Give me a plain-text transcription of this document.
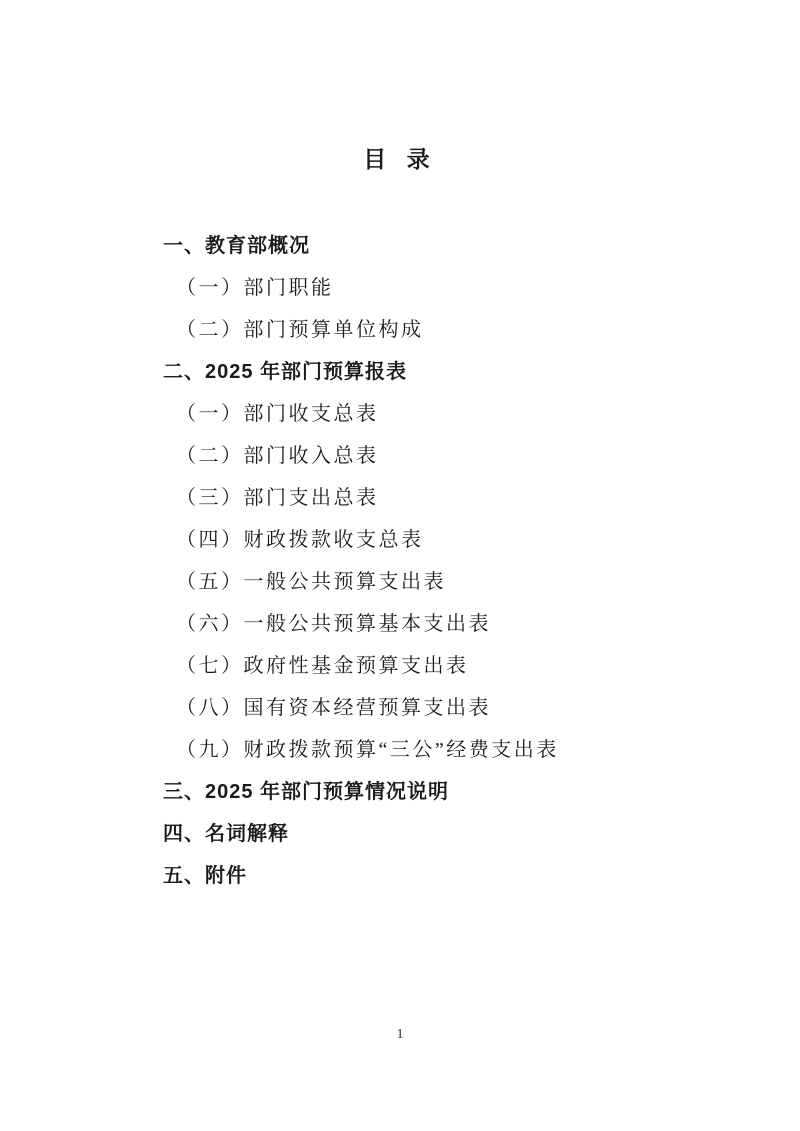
目 录
一、教育部概况
（一）部门职能
（二）部门预算单位构成
二、2025 年部门预算报表
（一）部门收支总表
（二）部门收入总表
（三）部门支出总表
（四）财政拨款收支总表
（五）一般公共预算支出表
（六）一般公共预算基本支出表
（七）政府性基金预算支出表
（八）国有资本经营预算支出表
（九）财政拨款预算“三公”经费支出表
三、2025 年部门预算情况说明
四、名词解释
五、附件
1
